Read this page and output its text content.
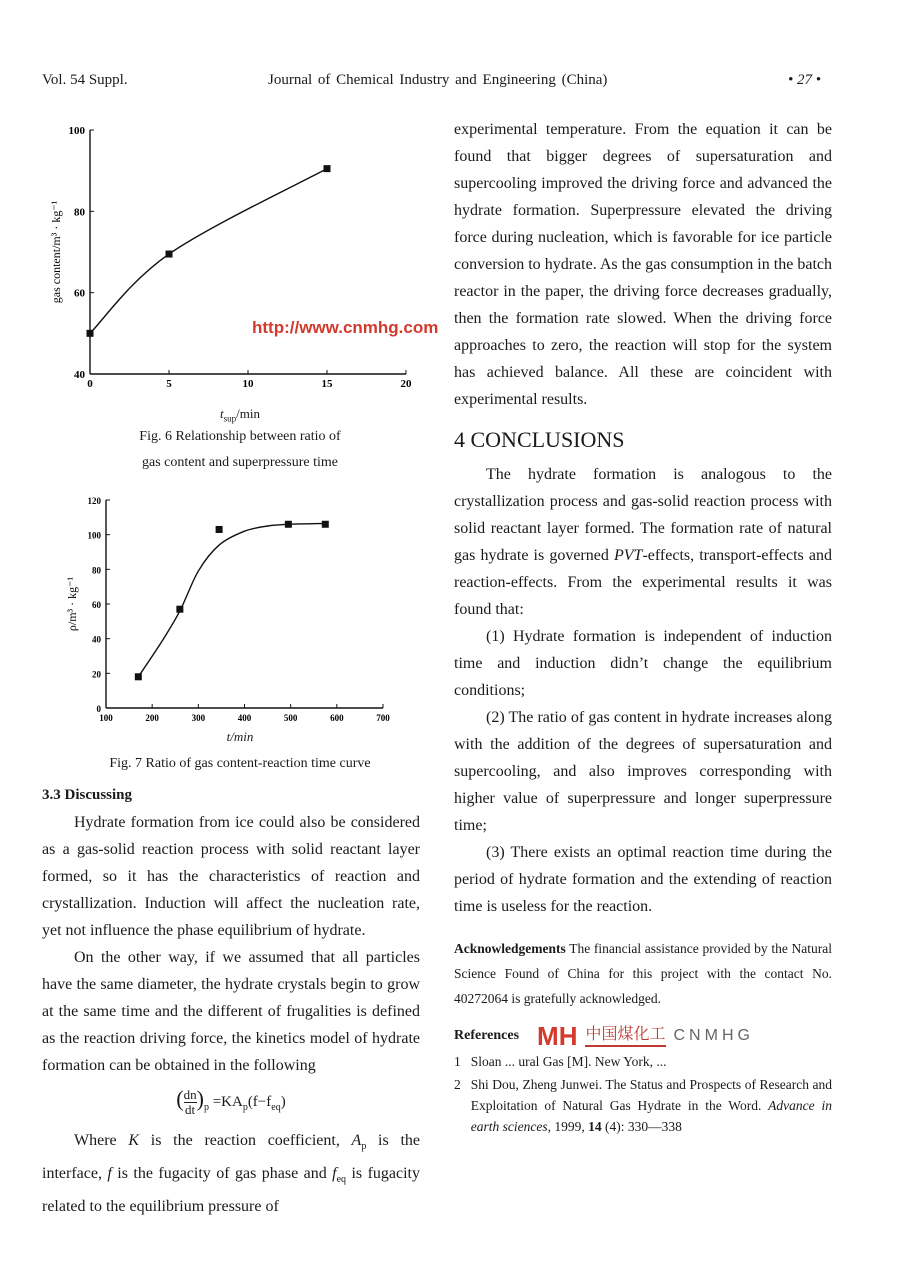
Vol. 54 Suppl.	Journal of Chemical Industry and Engineering (China)	• 27 •
0	5	10	15	20
40
60
80
100
gas content/m³ · kg⁻¹
$t_{sup}/\min$
Fig. 6 Relationship between ratio of
gas content and superpressure time
http://www.cnmhg.com
100	200	300	400	500	600	700
0
20
40
60
80
100
120
ρ/m³ · kg⁻¹
t/min
Fig. 7 Ratio of gas content-reaction time curve

3.3 Discussing

Hydrate formation from ice could also be considered as a gas-solid reaction process with solid reactant layer formed, so it has the characteristics of reaction and crystallization. Induction will affect the nucleation rate, yet not influence the phase equilibrium of hydrate.

On the other way, if we assumed that all particles have the same diameter, the hydrate crystals begin to grow at the same time and the different of frugalities is defined as the reaction driving force, the kinetics model of hydrate formation can be obtained in the following

( $\frac{dn}{dt} )_p =KA_p(f-f_{eq})$

Where K is the reaction coefficient, $A_p$ is the interface, f is the fugacity of gas phase and $f_{eq}$ is fugacity related to the equilibrium pressure of

experimental temperature. From the equation it can be found that bigger degrees of supersaturation and supercooling improved the driving force and advanced the hydrate formation. Superpressure elevated the driving force during nucleation, which is favorable for ice particle conversion to hydrate. As the gas consumption in the batch reactor in the paper, the driving force decreases gradually, then the formation rate slowed. When the driving force approaches to zero, the reaction will stop for the system has achieved balance. All these are coincident with experimental results.

4 CONCLUSIONS

The hydrate formation is analogous to the crystallization process and gas-solid reaction process with solid reactant layer formed. The formation rate of natural gas hydrate is governed PVT-effects, transport-effects and reaction-effects. From the experimental results it was found that:

(1) Hydrate formation is independent of induction time and induction didn’t change the equilibrium conditions;

(2) The ratio of gas content in hydrate increases along with the addition of the degrees of supersaturation and supercooling, and also improves corresponding with higher value of superpressure and longer superpressure time;

(3) There exists an optimal reaction time during the period of hydrate formation and the extending of reaction time is useless for the reaction.

Acknowledgements The financial assistance provided by the Natural Science Found of China for this project with the contact No. 40272064 is gratefully acknowledged.

References MH 中国煤化工 CNMHG
1 Sloan ... ural Gas [M]. New York, ...
2 Shi Dou, Zheng Junwei. The Status and Prospects of Research and Exploitation of Natural Gas Hydrate in the Word. Advance in earth sciences, 1999, 14 (4): 330—338
